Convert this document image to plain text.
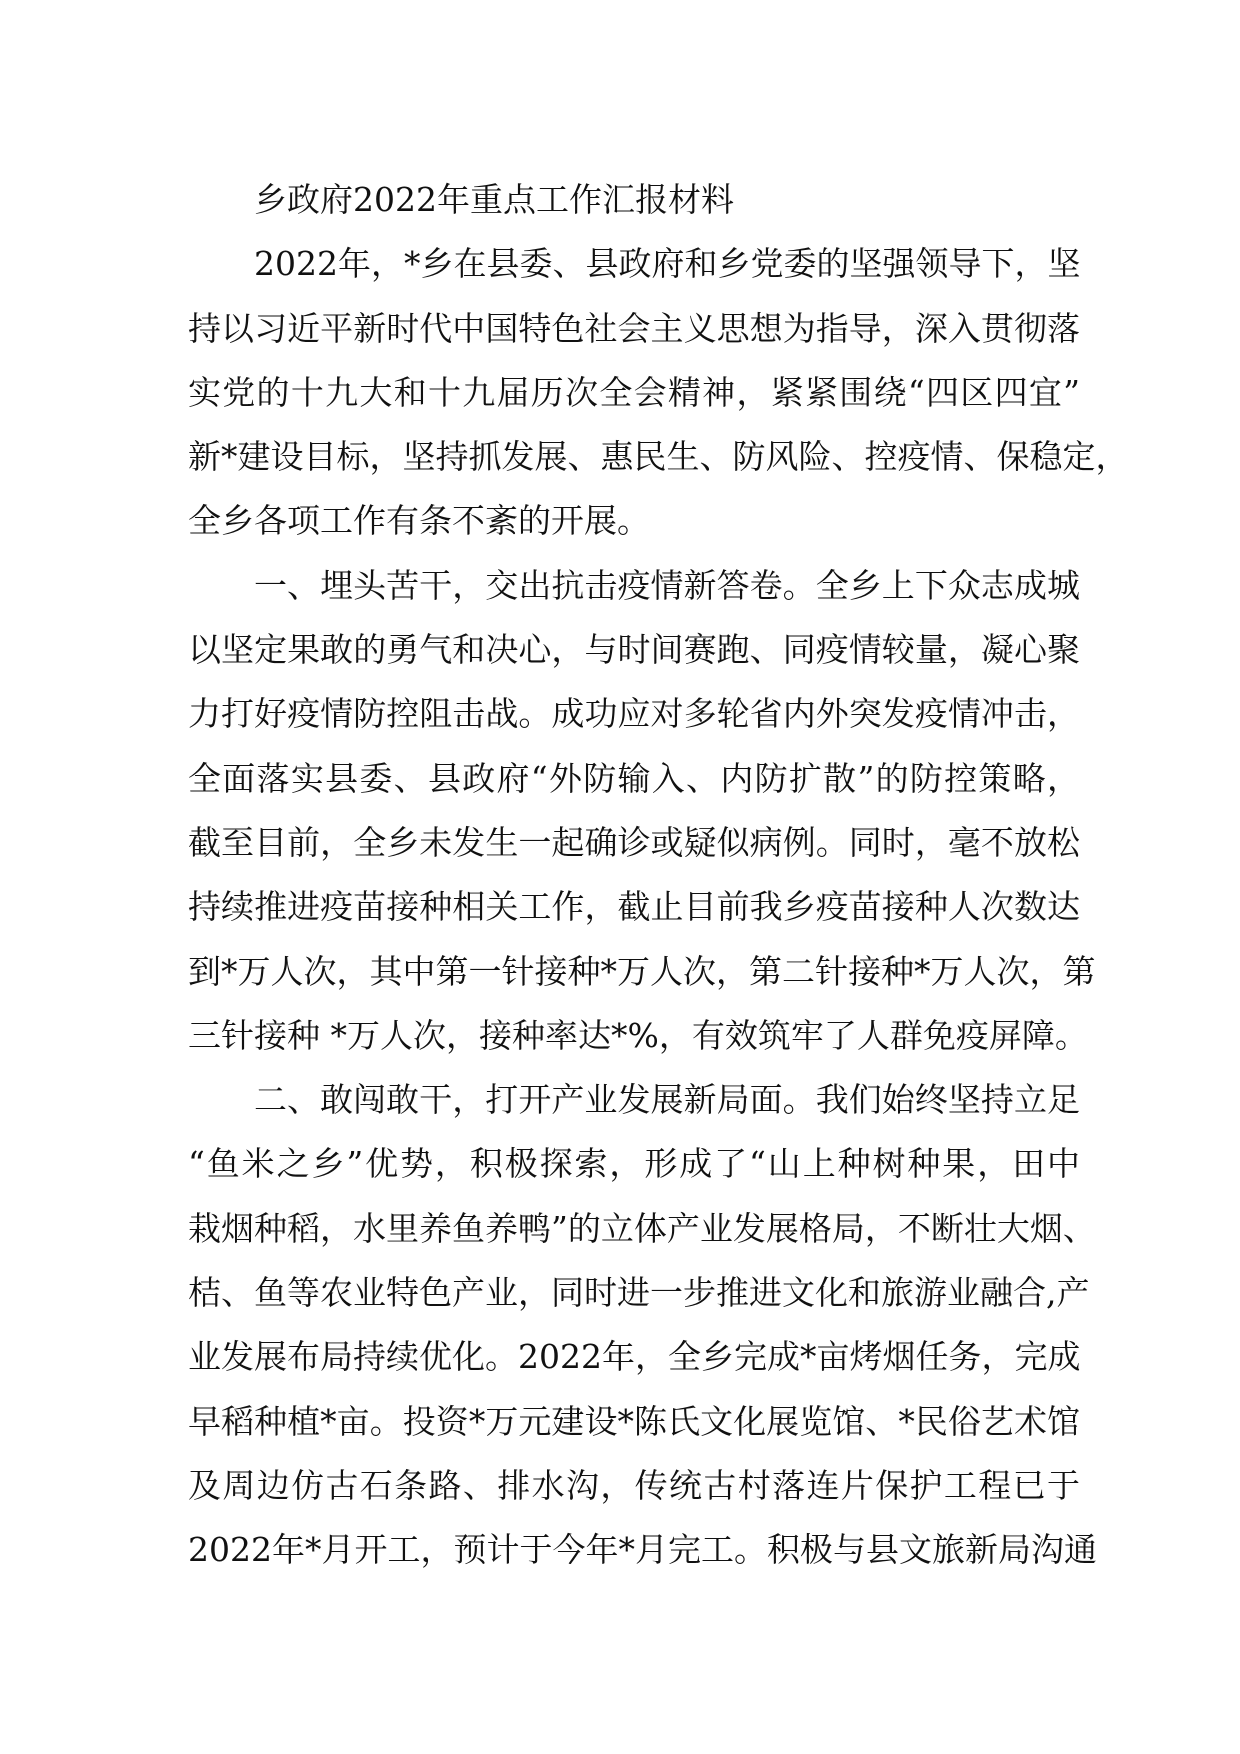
乡政府2022年重点工作汇报材料
2022年，*乡在县委、县政府和乡党委的坚强领导下，坚
持以习近平新时代中国特色社会主义思想为指导，深入贯彻落
实党的十九大和十九届历次全会精神，紧紧围绕“四区四宜”
新*建设目标，坚持抓发展、惠民生、防风险、控疫情、保稳定，
全乡各项工作有条不紊的开展。
一、埋头苦干，交出抗击疫情新答卷。全乡上下众志成城
以坚定果敢的勇气和决心，与时间赛跑、同疫情较量，凝心聚
力打好疫情防控阻击战。成功应对多轮省内外突发疫情冲击，
全面落实县委、县政府“外防输入、内防扩散”的防控策略，
截至目前，全乡未发生一起确诊或疑似病例。同时，毫不放松
持续推进疫苗接种相关工作，截止目前我乡疫苗接种人次数达
到*万人次，其中第一针接种*万人次，第二针接种*万人次，第
三针接种 *万人次，接种率达*%，有效筑牢了人群免疫屏障。
二、敢闯敢干，打开产业发展新局面。我们始终坚持立足
“鱼米之乡”优势，积极探索，形成了“山上种树种果，田中
栽烟种稻，水里养鱼养鸭”的立体产业发展格局，不断壮大烟、
桔、鱼等农业特色产业，同时进一步推进文化和旅游业融合,产
业发展布局持续优化。2022年，全乡完成*亩烤烟任务，完成
早稻种植*亩。投资*万元建设*陈氏文化展览馆、*民俗艺术馆
及周边仿古石条路、排水沟，传统古村落连片保护工程已于
2022年*月开工，预计于今年*月完工。积极与县文旅新局沟通
